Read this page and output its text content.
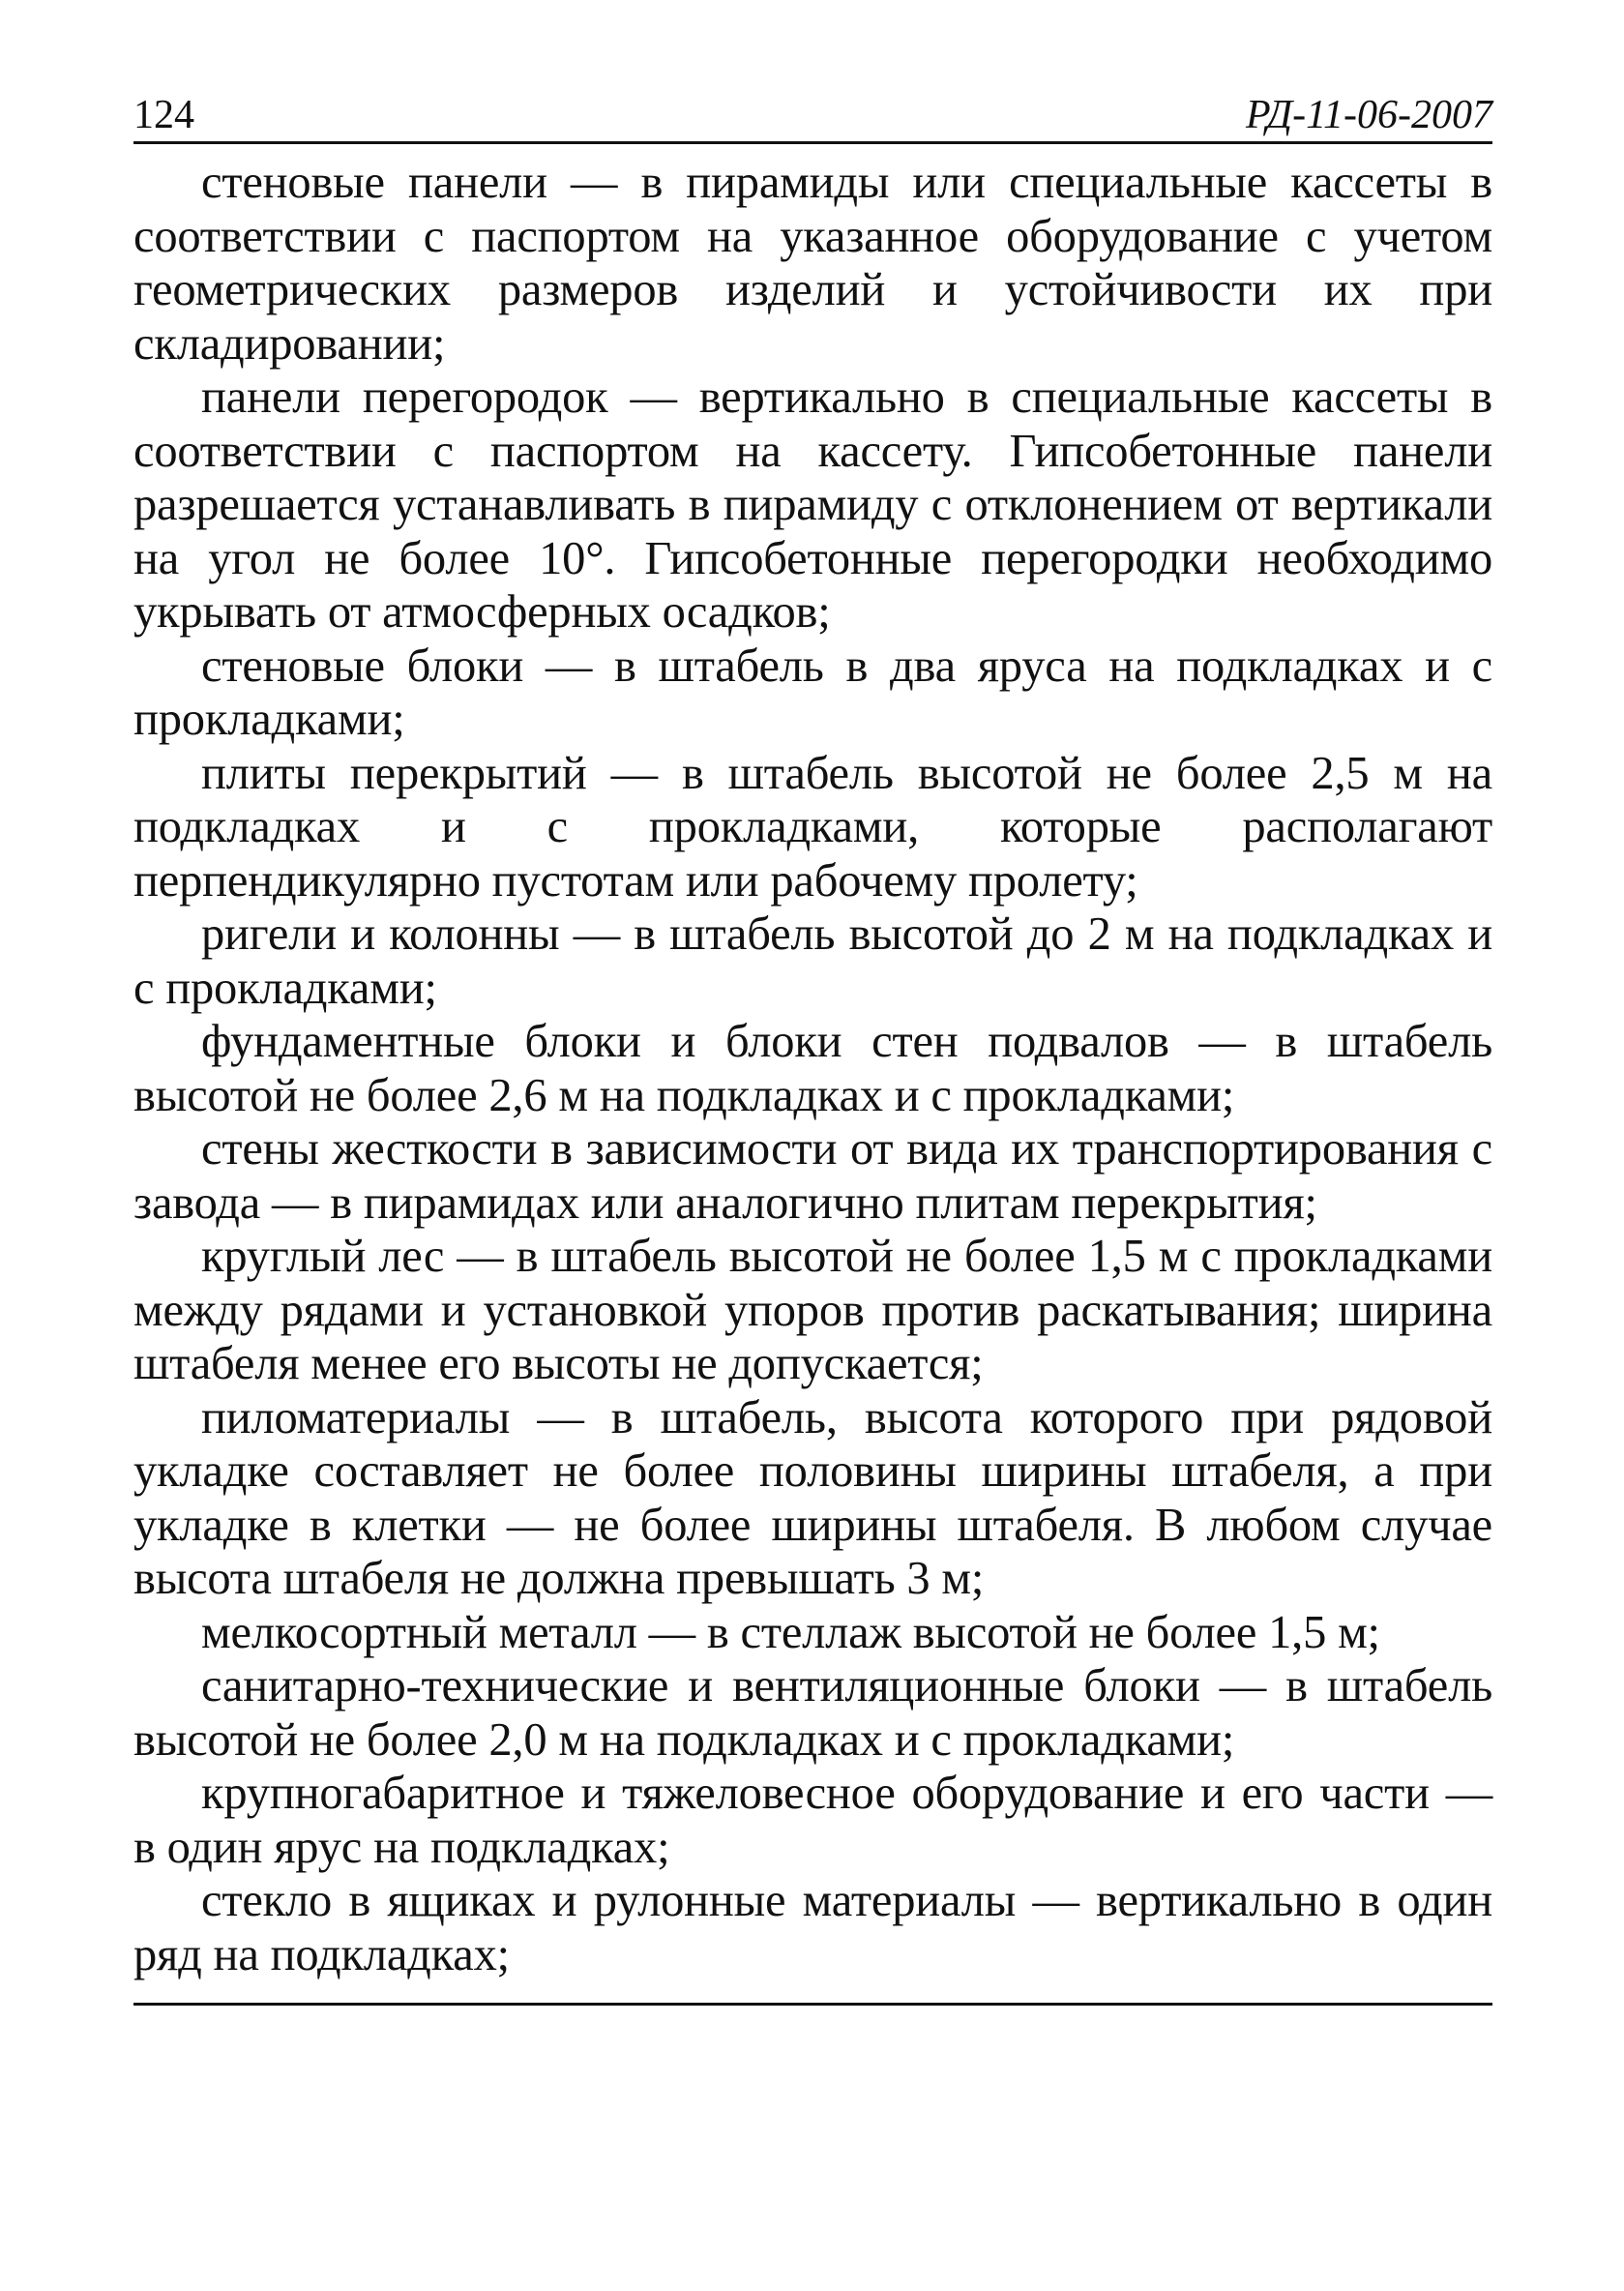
124	РД-11-06-2007

стеновые панели — в пирамиды или специальные кассеты в соответствии с паспортом на указанное оборудование с учетом геометрических размеров изделий и устойчивости их при складировании;

панели перегородок — вертикально в специальные кассеты в соответствии с паспортом на кассету. Гипсобетонные панели разрешается устанавливать в пирамиду с отклонением от вертикали на угол не более 10°. Гипсобетонные перегородки необходимо укрывать от атмосферных осадков;

стеновые блоки — в штабель в два яруса на подкладках и с прокладками;

плиты перекрытий — в штабель высотой не более 2,5 м на подкладках и с прокладками, которые располагают перпендикулярно пустотам или рабочему пролету;

ригели и колонны — в штабель высотой до 2 м на подкладках и с прокладками;

фундаментные блоки и блоки стен подвалов — в штабель высотой не более 2,6 м на подкладках и с прокладками;

стены жесткости в зависимости от вида их транспортирования с завода — в пирамидах или аналогично плитам перекрытия;

круглый лес — в штабель высотой не более 1,5 м с прокладками между рядами и установкой упоров против раскатывания; ширина штабеля менее его высоты не допускается;

пиломатериалы — в штабель, высота которого при рядовой укладке составляет не более половины ширины штабеля, а при укладке в клетки — не более ширины штабеля. В любом случае высота штабеля не должна превышать 3 м;

мелкосортный металл — в стеллаж высотой не более 1,5 м;

санитарно-технические и вентиляционные блоки — в штабель высотой не более 2,0 м на подкладках и с прокладками;

крупногабаритное и тяжеловесное оборудование и его части — в один ярус на подкладках;

стекло в ящиках и рулонные материалы — вертикально в один ряд на подкладках;
